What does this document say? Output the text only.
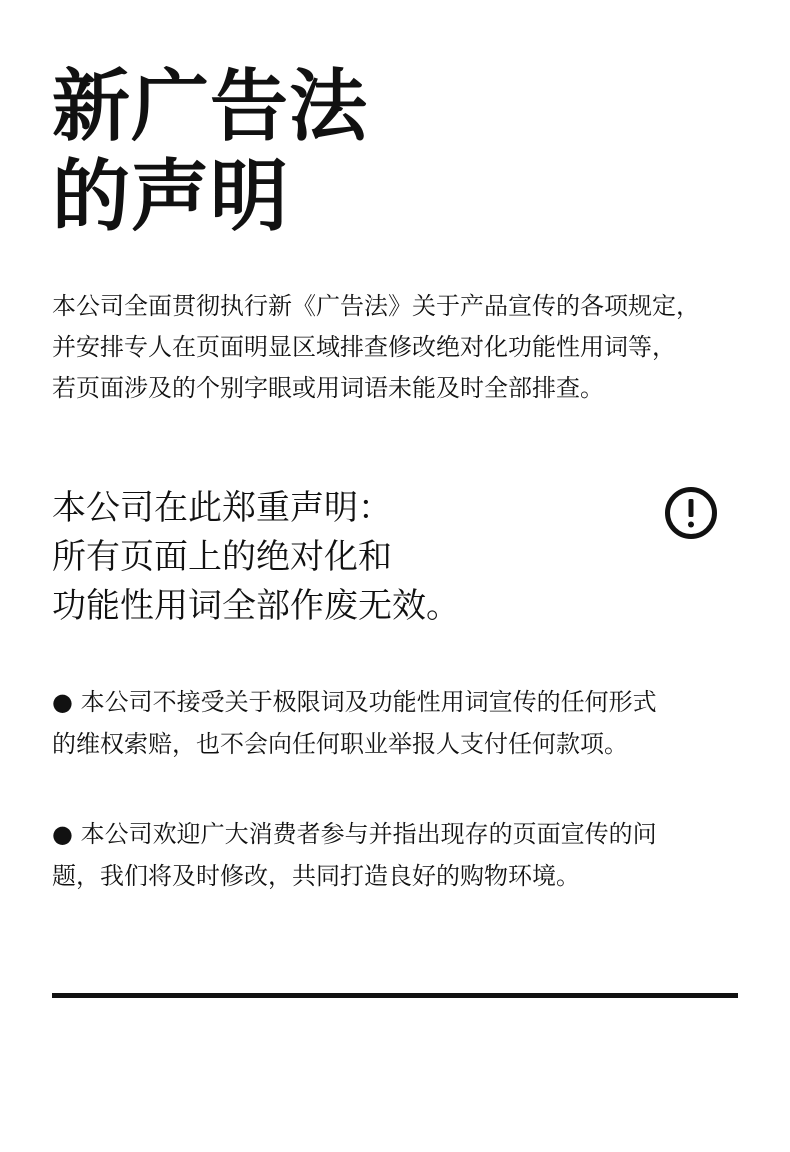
新广告法
的声明

本公司全面贯彻执行新《广告法》关于产品宣传的各项规定，
并安排专人在页面明显区域排查修改绝对化功能性用词等，
若页面涉及的个别字眼或用词语未能及时全部排查。

本公司在此郑重声明：
所有页面上的绝对化和
功能性用词全部作废无效。

● 本公司不接受关于极限词及功能性用词宣传的任何形式
的维权索赔，也不会向任何职业举报人支付任何款项。

● 本公司欢迎广大消费者参与并指出现存的页面宣传的问
题，我们将及时修改，共同打造良好的购物环境。
